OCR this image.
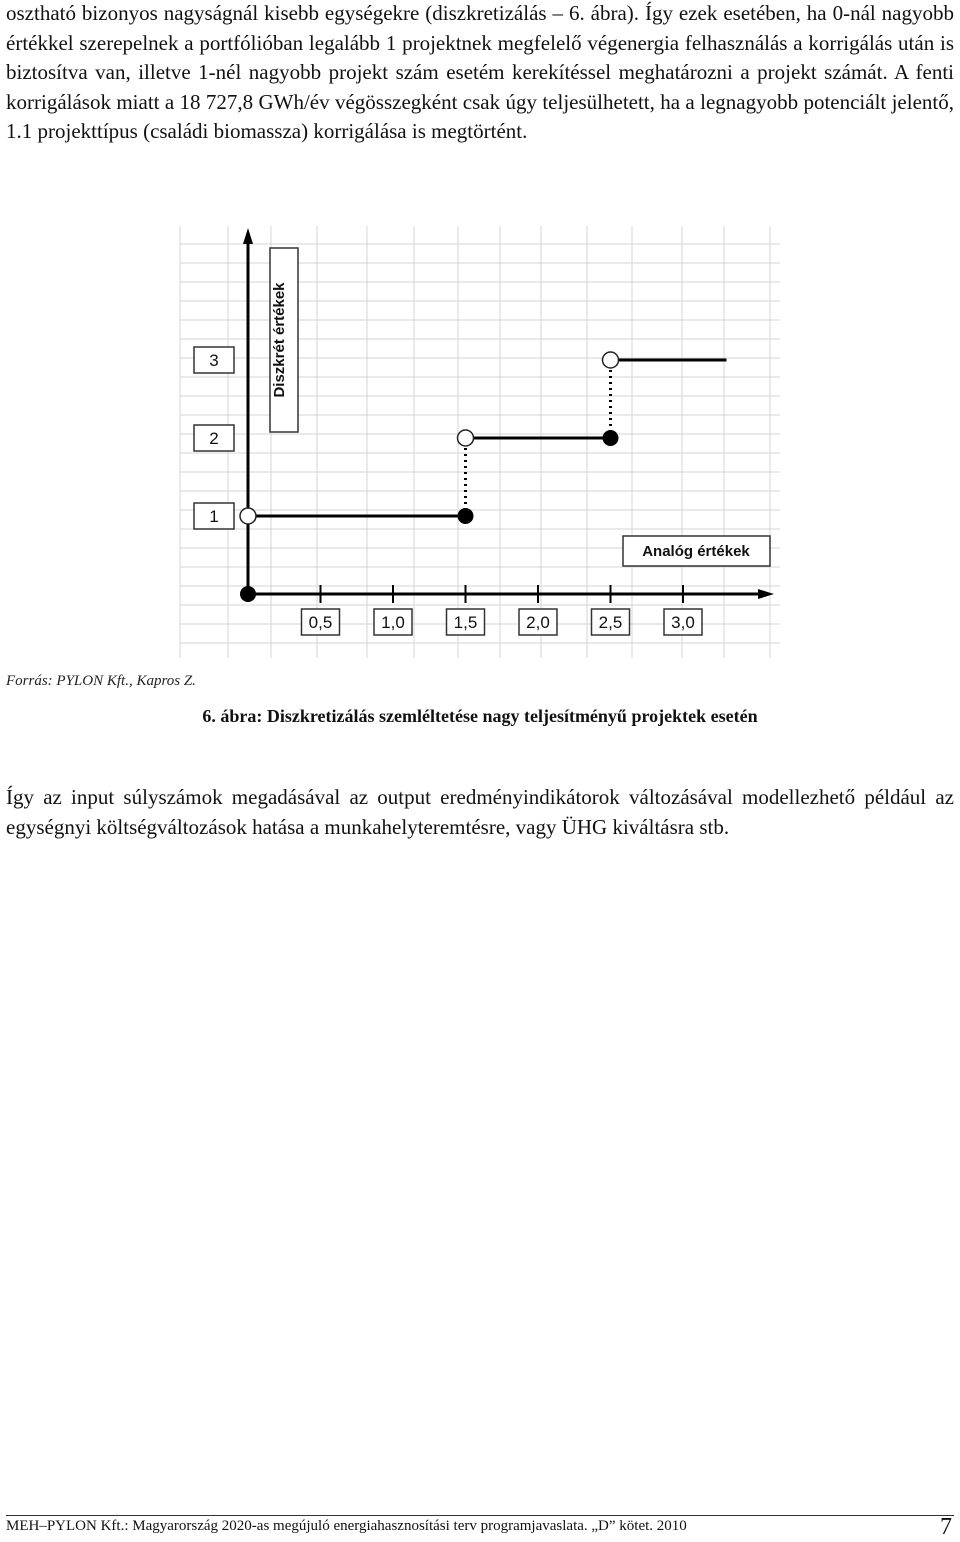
osztható bizonyos nagyságnál kisebb egységekre (diszkretizálás – 6. ábra). Így ezek esetében, ha 0-nál nagyobb értékkel szerepelnek a portfólióban legalább 1 projektnek megfelelő végenergia felhasználás a korrigálás után is biztosítva van, illetve 1-nél nagyobb projekt szám esetém kerekítéssel meghatározni a projekt számát. A fenti korrigálások miatt a 18 727,8 GWh/év végösszegként csak úgy teljesülhetett, ha a legnagyobb potenciált jelentő, 1.1 projekttípus (családi biomassza) korrigálása is megtörtént.

0,5	1,0	1,5	2,0	2,5	3,0
1
2
3	Diszkrét értékek
Analóg értékek
Forrás: PYLON Kft., Kapros Z.
6. ábra: Diszkretizálás szemléltetése nagy teljesítményű projektek esetén

Így az input súlyszámok megadásával az output eredményindikátorok változásával modellezhető például az egységnyi költségváltozások hatása a munkahelyteremtésre, vagy ÜHG kiváltásra stb.

MEH–PYLON Kft.: Magyarország 2020-as megújuló energiahasznosítási terv programjavaslata. „D” kötet. 2010	7
